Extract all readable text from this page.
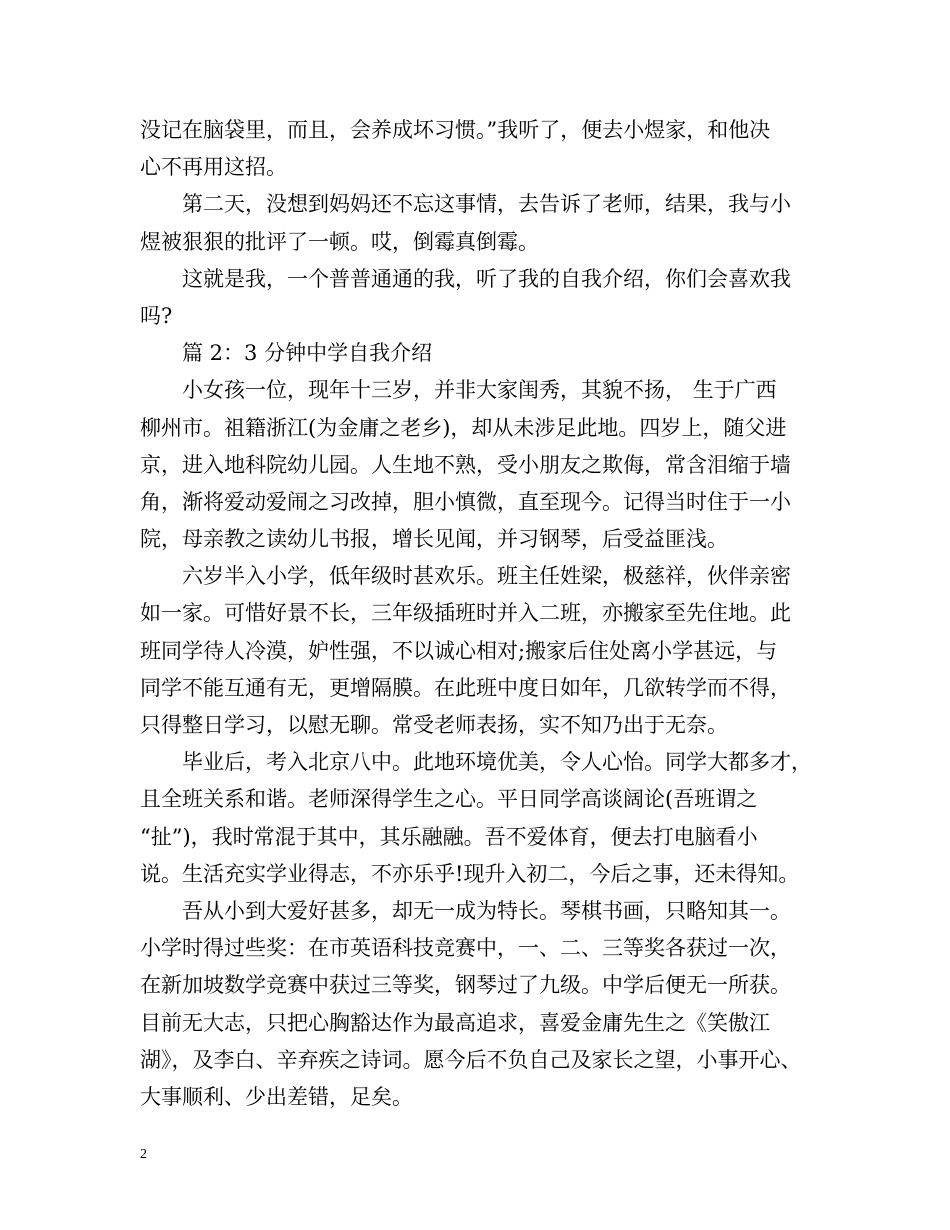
没记在脑袋里，而且，会养成坏习惯。”我听了，便去小煜家，和他决
心不再用这招。
第二天，没想到妈妈还不忘这事情，去告诉了老师，结果，我与小
煜被狠狠的批评了一顿。哎，倒霉真倒霉。
这就是我，一个普普通通的我，听了我的自我介绍，你们会喜欢我
吗?
篇 2：3 分钟中学自我介绍
小女孩一位，现年十三岁，并非大家闺秀，其貌不扬， 生于广西
柳州市。祖籍浙江(为金庸之老乡)，却从未涉足此地。四岁上，随父进
京，进入地科院幼儿园。人生地不熟，受小朋友之欺侮，常含泪缩于墙
角，渐将爱动爱闹之习改掉，胆小慎微，直至现今。记得当时住于一小
院，母亲教之读幼儿书报，增长见闻，并习钢琴，后受益匪浅。
六岁半入小学，低年级时甚欢乐。班主任姓梁，极慈祥，伙伴亲密
如一家。可惜好景不长，三年级插班时并入二班，亦搬家至先住地。此
班同学待人冷漠，妒性强，不以诚心相对;搬家后住处离小学甚远，与
同学不能互通有无，更增隔膜。在此班中度日如年，几欲转学而不得，
只得整日学习，以慰无聊。常受老师表扬，实不知乃出于无奈。
毕业后，考入北京八中。此地环境优美，令人心怡。同学大都多才，
且全班关系和谐。老师深得学生之心。平日同学高谈阔论(吾班谓之
“扯”)，我时常混于其中，其乐融融。吾不爱体育，便去打电脑看小
说。生活充实学业得志，不亦乐乎!现升入初二，今后之事，还未得知。
吾从小到大爱好甚多，却无一成为特长。琴棋书画，只略知其一。
小学时得过些奖：在市英语科技竞赛中，一、二、三等奖各获过一次，
在新加坡数学竞赛中获过三等奖，钢琴过了九级。中学后便无一所获。
目前无大志，只把心胸豁达作为最高追求，喜爱金庸先生之《笑傲江
湖》，及李白、辛弃疾之诗词。愿今后不负自己及家长之望，小事开心、
大事顺利、少出差错，足矣。
2
